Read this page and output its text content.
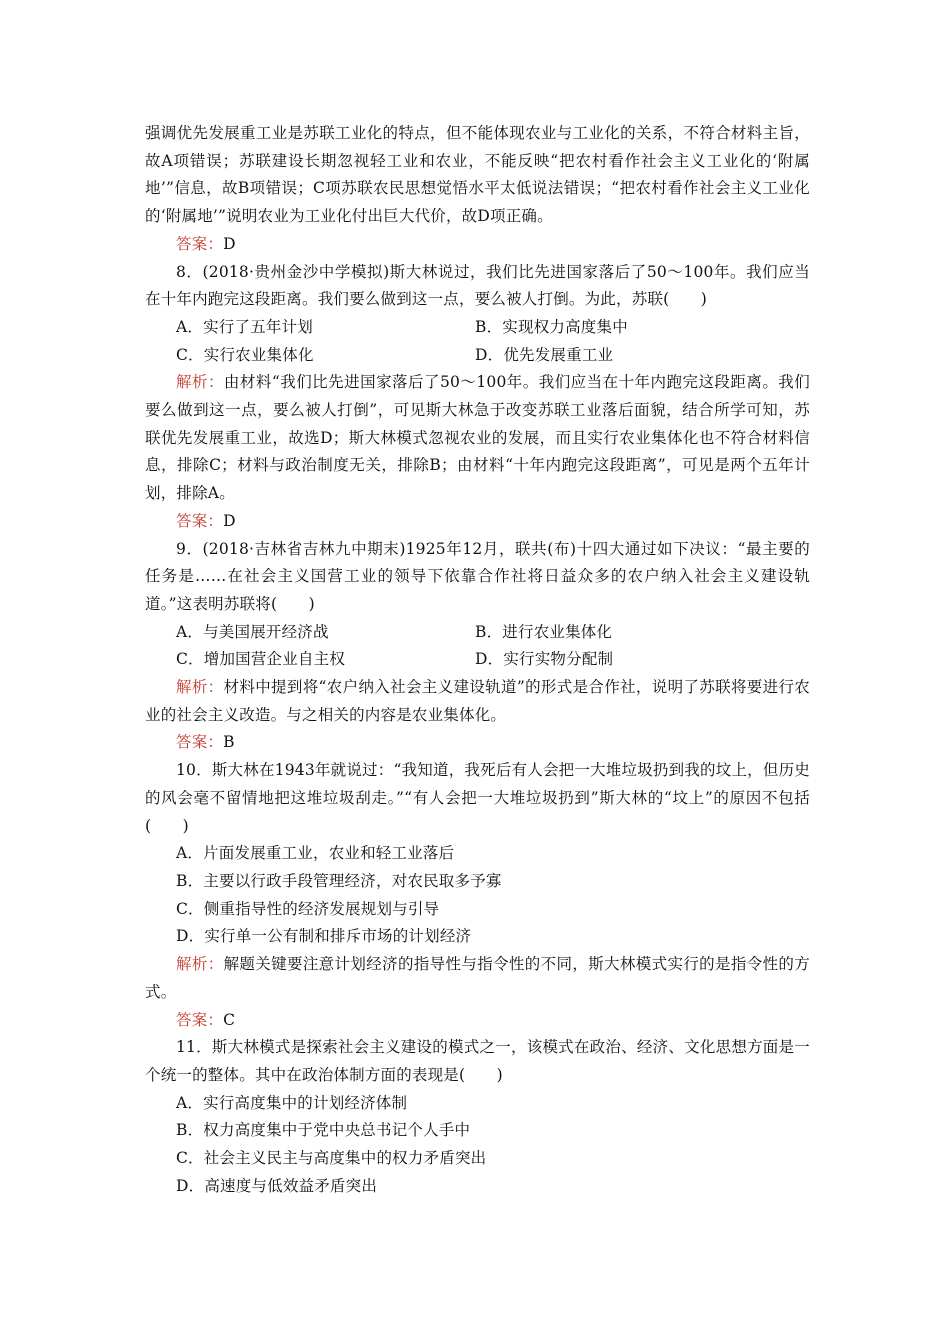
强调优先发展重工业是苏联工业化的特点，但不能体现农业与工业化的关系，不符合材料主旨，故A项错误；苏联建设长期忽视轻工业和农业，不能反映“把农村看作社会主义工业化的‘附属地’”信息，故B项错误；C项苏联农民思想觉悟水平太低说法错误；“把农村看作社会主义工业化的‘附属地’”说明农业为工业化付出巨大代价，故D项正确。

答案：D

8．(2018·贵州金沙中学模拟)斯大林说过，我们比先进国家落后了50～100年。我们应当在十年内跑完这段距离。我们要么做到这一点，要么被人打倒。为此，苏联(　　)

A．实行了五年计划	B．实现权力高度集中
C．实行农业集体化	D．优先发展重工业

解析：由材料“我们比先进国家落后了50～100年。我们应当在十年内跑完这段距离。我们要么做到这一点，要么被人打倒”，可见斯大林急于改变苏联工业落后面貌，结合所学可知，苏联优先发展重工业，故选D；斯大林模式忽视农业的发展，而且实行农业集体化也不符合材料信息，排除C；材料与政治制度无关，排除B；由材料“十年内跑完这段距离”，可见是两个五年计划，排除A。

答案：D

9．(2018·吉林省吉林九中期末)1925年12月，联共(布)十四大通过如下决议：“最主要的任务是……在社会主义国营工业的领导下依靠合作社将日益众多的农户纳入社会主义建设轨道。”这表明苏联将(　　)

A．与美国展开经济战	B．进行农业集体化
C．增加国营企业自主权	D．实行实物分配制

解析：材料中提到将“农户纳入社会主义建设轨道”的形式是合作社，说明了苏联将要进行农业的社会主义改造。与之相关的内容是农业集体化。

答案：B

10．斯大林在1943年就说过：“我知道，我死后有人会把一大堆垃圾扔到我的坟上，但历史的风会毫不留情地把这堆垃圾刮走。”“有人会把一大堆垃圾扔到”斯大林的“坟上”的原因不包括(　　)

A．片面发展重工业，农业和轻工业落后

B．主要以行政手段管理经济，对农民取多予寡

C．侧重指导性的经济发展规划与引导

D．实行单一公有制和排斥市场的计划经济

解析：解题关键要注意计划经济的指导性与指令性的不同，斯大林模式实行的是指令性的方式。

答案：C

11．斯大林模式是探索社会主义建设的模式之一，该模式在政治、经济、文化思想方面是一个统一的整体。其中在政治体制方面的表现是(　　)

A．实行高度集中的计划经济体制

B．权力高度集中于党中央总书记个人手中

C．社会主义民主与高度集中的权力矛盾突出

D．高速度与低效益矛盾突出
